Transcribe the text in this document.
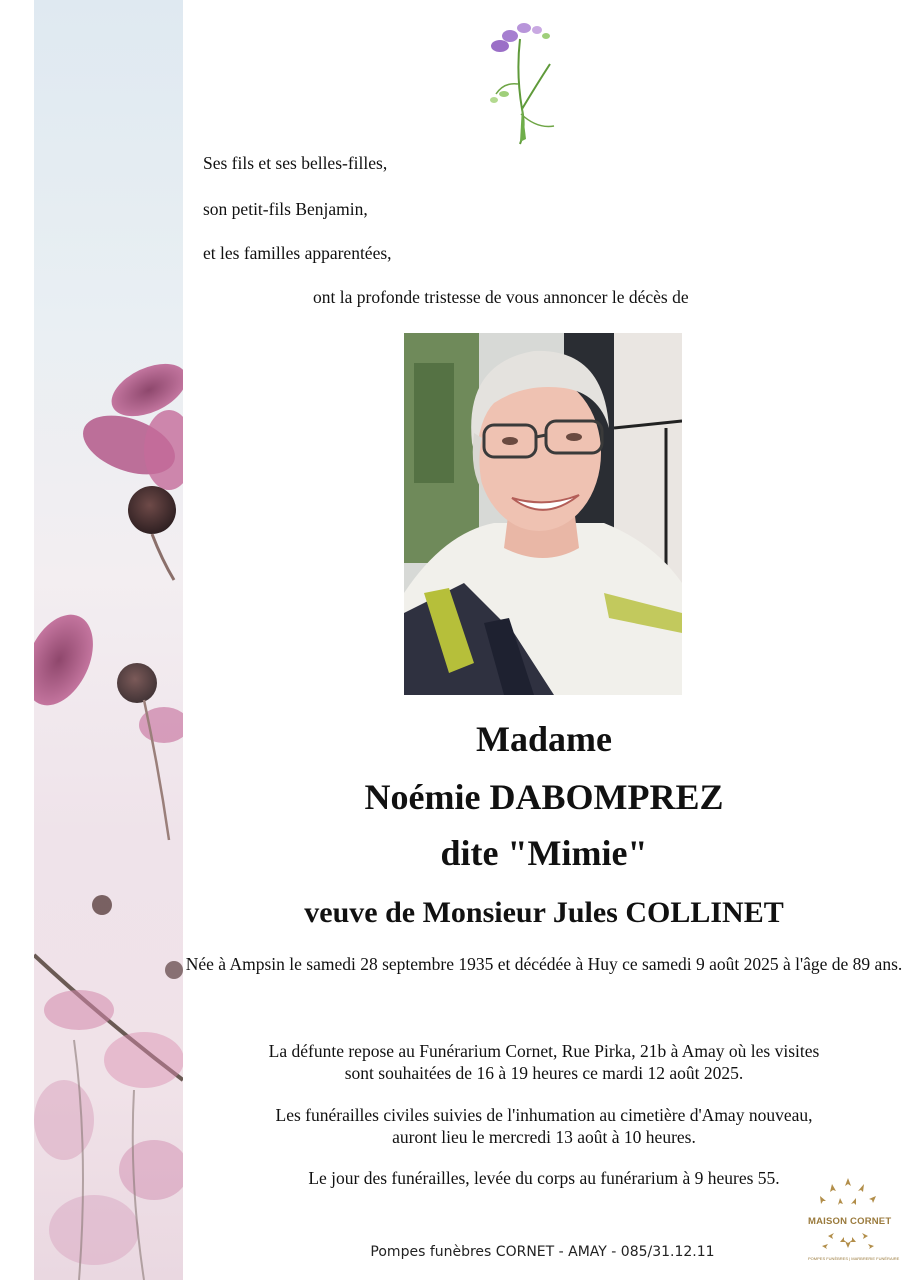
Ses fils et ses belles-filles,
son petit-fils Benjamin,
et les familles apparentées,
ont la profonde tristesse de vous annoncer le décès de
Madame
Noémie DABOMPREZ
dite "Mimie"
veuve de Monsieur Jules COLLINET
Née à Ampsin le samedi 28 septembre 1935 et décédée à Huy ce samedi 9 août 2025 à l'âge de 89 ans.
La défunte repose au Funérarium Cornet, Rue Pirka, 21b à Amay où les visites
sont souhaitées de 16 à 19 heures ce mardi 12 août 2025.
Les funérailles civiles suivies de l'inhumation au cimetière d'Amay nouveau,
auront lieu le mercredi 13 août à 10 heures.
Le jour des funérailles, levée du corps au funérarium à 9 heures 55.
Pompes funèbres CORNET - AMAY - 085/31.12.11
MAISON CORNET
POMPES FUNÈBRES | MARBRERIE FUNÉRAIRE
